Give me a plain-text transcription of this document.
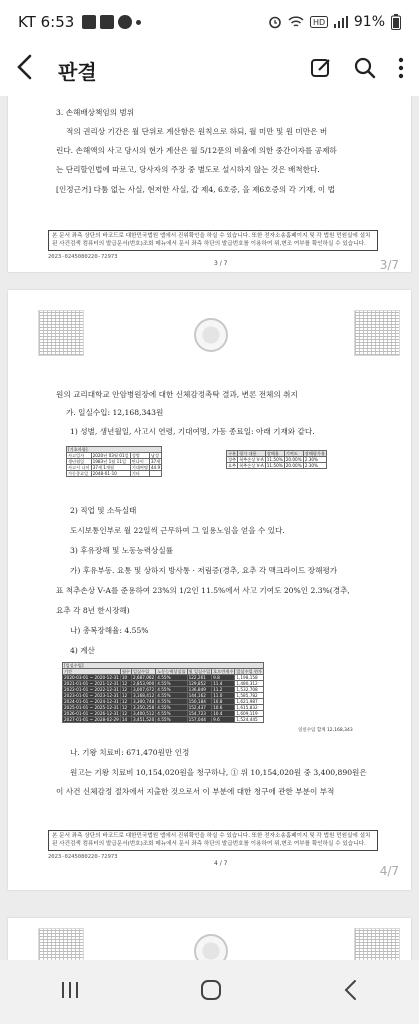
KT 6:53	HD 91%
판결
3. 손해배상책임의 범위
적의 권리상 기간은 월 단위로 계산함은 원칙으로 하되, 월 미만 및 원 미만은 버
린다. 손해액의 사고 당시의 현가 계산은 월 5/12푼의 비율에 의한 중간이자를 공제하
는 단리할인법에 따르고, 당사자의 주장 중 별도로 설시하지 않는 것은 배척한다.
[인정근거] 다툼 없는 사실, 현저한 사실, 갑 제4, 6호증, 을 제6호증의 각 기재, 이 법
본 문서 좌측 상단의 바코드로 대한민국법원 앱에서 진위확인을 하실 수 있습니다. 또한 전자소송홈페이지 및 각 법원 민원실에 설치된 사건검색 컴퓨터의 발급문서(번호)조회 메뉴에서 문서 좌측 하단의 발급번호를 이용하여 위,변조 여부를 확인하실 수 있습니다.
2023-0245080220-72973
3 / 7	3/7
원의 교리대학교 안암병원장에 대한 신체감정촉탁 결과, 변론 전체의 취지
가. 일실수입: 12,168,343원
1) 성별, 생년월일, 사고시 연령, 기대여명, 가동 종료일: 아래 기재와 같다.
[기초사항]			
사고일자	2020년 03월 01일	성별	남성
생년월일	1983년 1월 11일	만나이	37세
사고시 나이	37세 1개월	기대여명	44.9
가동종료일	2048-01-10	기타	
구분	평가 내용	장해율	기여도	장해평가율
경추	척추손상 Ⅴ-A	11.50%	20.00%	2.30%
요추	척추손상 Ⅴ-A	11.50%	20.00%	2.30%
2) 직업 및 소득실태
도시보통인부로 월 22일씩 근무하여 그 일용노임을 얻을 수 있다.
3) 후유장해 및 노동능력상실률
가) 후유부동. 요통 및 상하지 방사통 · 저림증(경추, 요추 각 맥크라이드 장해평가
표 척추손상 Ⅴ-A를 준용하여 23%의 1/2인 11.5%에서 사고 기여도 20%인 2.3%(경추,
요추 각 8년 한시장해)
나) 총복장해율: 4.55%
4) 계산
[일실수입]						
기간	월수	일실수입	노동능력상실률	월 일실수입	호프만계수	일실수입 현가
2020-03-01 ~ 2020-12-31	10	2,687,062	4.55%	122,261	9.8	1,198,158
2021-01-01 ~ 2021-12-31	12	2,853,900	4.55%	129,852	11.4	1,480,312
2022-01-01 ~ 2022-12-31	12	3,007,672	4.55%	136,849	11.2	1,532,708
2023-01-01 ~ 2023-12-31	12	3,168,412	4.55%	144,162	11.0	1,585,782
2024-01-01 ~ 2024-12-31	12	3,300,748	4.55%	150,184	10.8	1,621,987
2025-01-01 ~ 2025-12-31	12	3,350,258	4.55%	152,437	10.6	1,615,832
2026-01-01 ~ 2026-12-31	12	3,400,512	4.55%	154,723	10.4	1,609,119
2027-01-01 ~ 2028-02-29	14	3,451,520	4.55%	157,044	9.6	1,524,445
일실수입 합계 12,168,343
나. 기왕 치료비: 671,470원만 인정
원고는 기왕 치료비 10,154,020원을 청구하나, ① 위 10,154,020원 중 3,400,890원은
이 사건 신체감정 절차에서 지출한 것으로서 이 부분에 대한 청구에 관한 부분이 부적
본 문서 좌측 상단의 바코드로 대한민국법원 앱에서 진위확인을 하실 수 있습니다. 또한 전자소송홈페이지 및 각 법원 민원실에 설치된 사건검색 컴퓨터의 발급문서(번호)조회 메뉴에서 문서 좌측 하단의 발급번호를 이용하여 위,변조 여부를 확인하실 수 있습니다.
2023-0245080220-72973
4 / 7
4/7
